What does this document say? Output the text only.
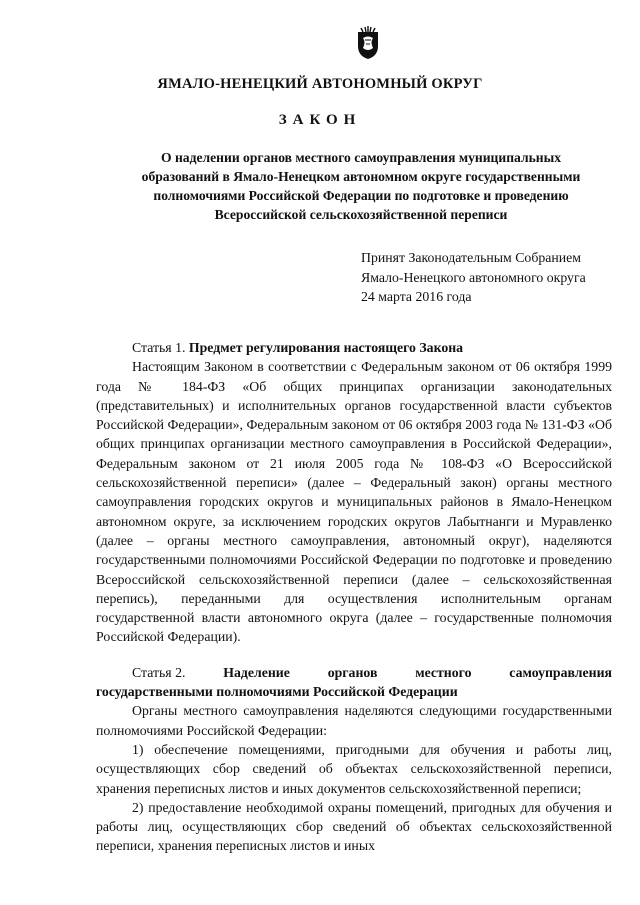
ЯМАЛО-НЕНЕЦКИЙ АВТОНОМНЫЙ ОКРУГ
ЗАКОН
О наделении органов местного самоуправления муниципальных
образований в Ямало-Ненецком автономном округе государственными
полномочиями Российской Федерации по подготовке и проведению
Всероссийской сельскохозяйственной переписи
Принят Законодательным Собранием
Ямало-Ненецкого автономного округа
24 марта 2016 года

Статья 1. Предмет регулирования настоящего Закона

Настоящим Законом в соответствии с Федеральным законом от 06 октября 1999 года № 184-ФЗ «Об общих принципах организации законодательных (представительных) и исполнительных органов государственной власти субъектов Российской Федерации», Федеральным законом от 06 октября 2003 года № 131-ФЗ «Об общих принципах организации местного самоуправления в Российской Федерации», Федеральным законом от 21 июля 2005 года № 108-ФЗ «О Всероссийской сельскохозяйственной переписи» (далее – Федеральный закон) органы местного самоуправления городских округов и муниципальных районов в Ямало-Ненецком автономном округе, за исключением городских округов Лабытнанги и Муравленко (далее – органы местного самоуправления, автономный округ), наделяются государственными полномочиями Российской Федерации по подготовке и проведению Всероссийской сельскохозяйственной переписи (далее – сельскохозяйственная перепись), переданными для осуществления исполнительным органам государственной власти автономного округа (далее – государственные полномочия Российской Федерации).

Статья 2.	Наделение	органов	местного	самоуправления

государственными полномочиями Российской Федерации

Органы местного самоуправления наделяются следующими государственными полномочиями Российской Федерации:

1) обеспечение помещениями, пригодными для обучения и работы лиц, осуществляющих сбор сведений об объектах сельскохозяйственной переписи, хранения переписных листов и иных документов сельскохозяйственной переписи;

2) предоставление необходимой охраны помещений, пригодных для обучения и работы лиц, осуществляющих сбор сведений об объектах сельскохозяйственной переписи, хранения переписных листов и иных
